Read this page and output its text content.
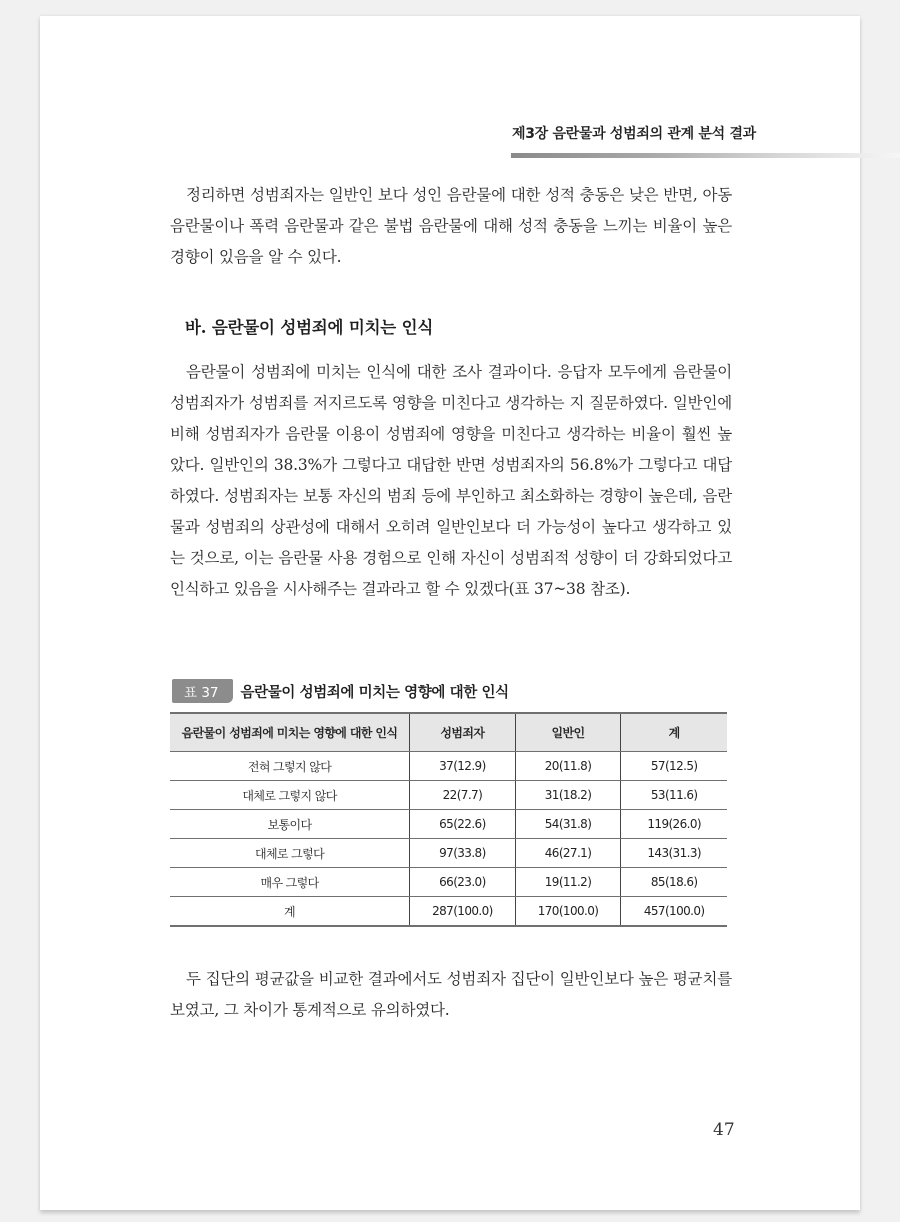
제3장 음란물과 성범죄의 관계 분석 결과

정리하면 성범죄자는 일반인 보다 성인 음란물에 대한 성적 충동은 낮은 반면, 아동 음란물이나 폭력 음란물과 같은 불법 음란물에 대해 성적 충동을 느끼는 비율이 높은 경향이 있음을 알 수 있다.

바. 음란물이 성범죄에 미치는 인식

음란물이 성범죄에 미치는 인식에 대한 조사 결과이다. 응답자 모두에게 음란물이 성범죄자가 성범죄를 저지르도록 영향을 미친다고 생각하는 지 질문하였다. 일반인에 비해 성범죄자가 음란물 이용이 성범죄에 영향을 미친다고 생각하는 비율이 훨씬 높았다. 일반인의 38.3%가 그렇다고 대답한 반면 성범죄자의 56.8%가 그렇다고 대답하였다. 성범죄자는 보통 자신의 범죄 등에 부인하고 최소화하는 경향이 높은데, 음란물과 성범죄의 상관성에 대해서 오히려 일반인보다 더 가능성이 높다고 생각하고 있는 것으로, 이는 음란물 사용 경험으로 인해 자신이 성범죄적 성향이 더 강화되었다고 인식하고 있음을 시사해주는 결과라고 할 수 있겠다(표 37~38 참조).

표 37	음란물이 성범죄에 미치는 영향에 대한 인식
음란물이 성범죄에 미치는 영향에 대한 인식	성범죄자	일반인	계
전혀 그렇지 않다	37(12.9)	20(11.8)	57(12.5)
대체로 그렇지 않다	22(7.7)	31(18.2)	53(11.6)
보통이다	65(22.6)	54(31.8)	119(26.0)
대체로 그렇다	97(33.8)	46(27.1)	143(31.3)
매우 그렇다	66(23.0)	19(11.2)	85(18.6)
계	287(100.0)	170(100.0)	457(100.0)

두 집단의 평균값을 비교한 결과에서도 성범죄자 집단이 일반인보다 높은 평균치를 보였고, 그 차이가 통계적으로 유의하였다.

47
